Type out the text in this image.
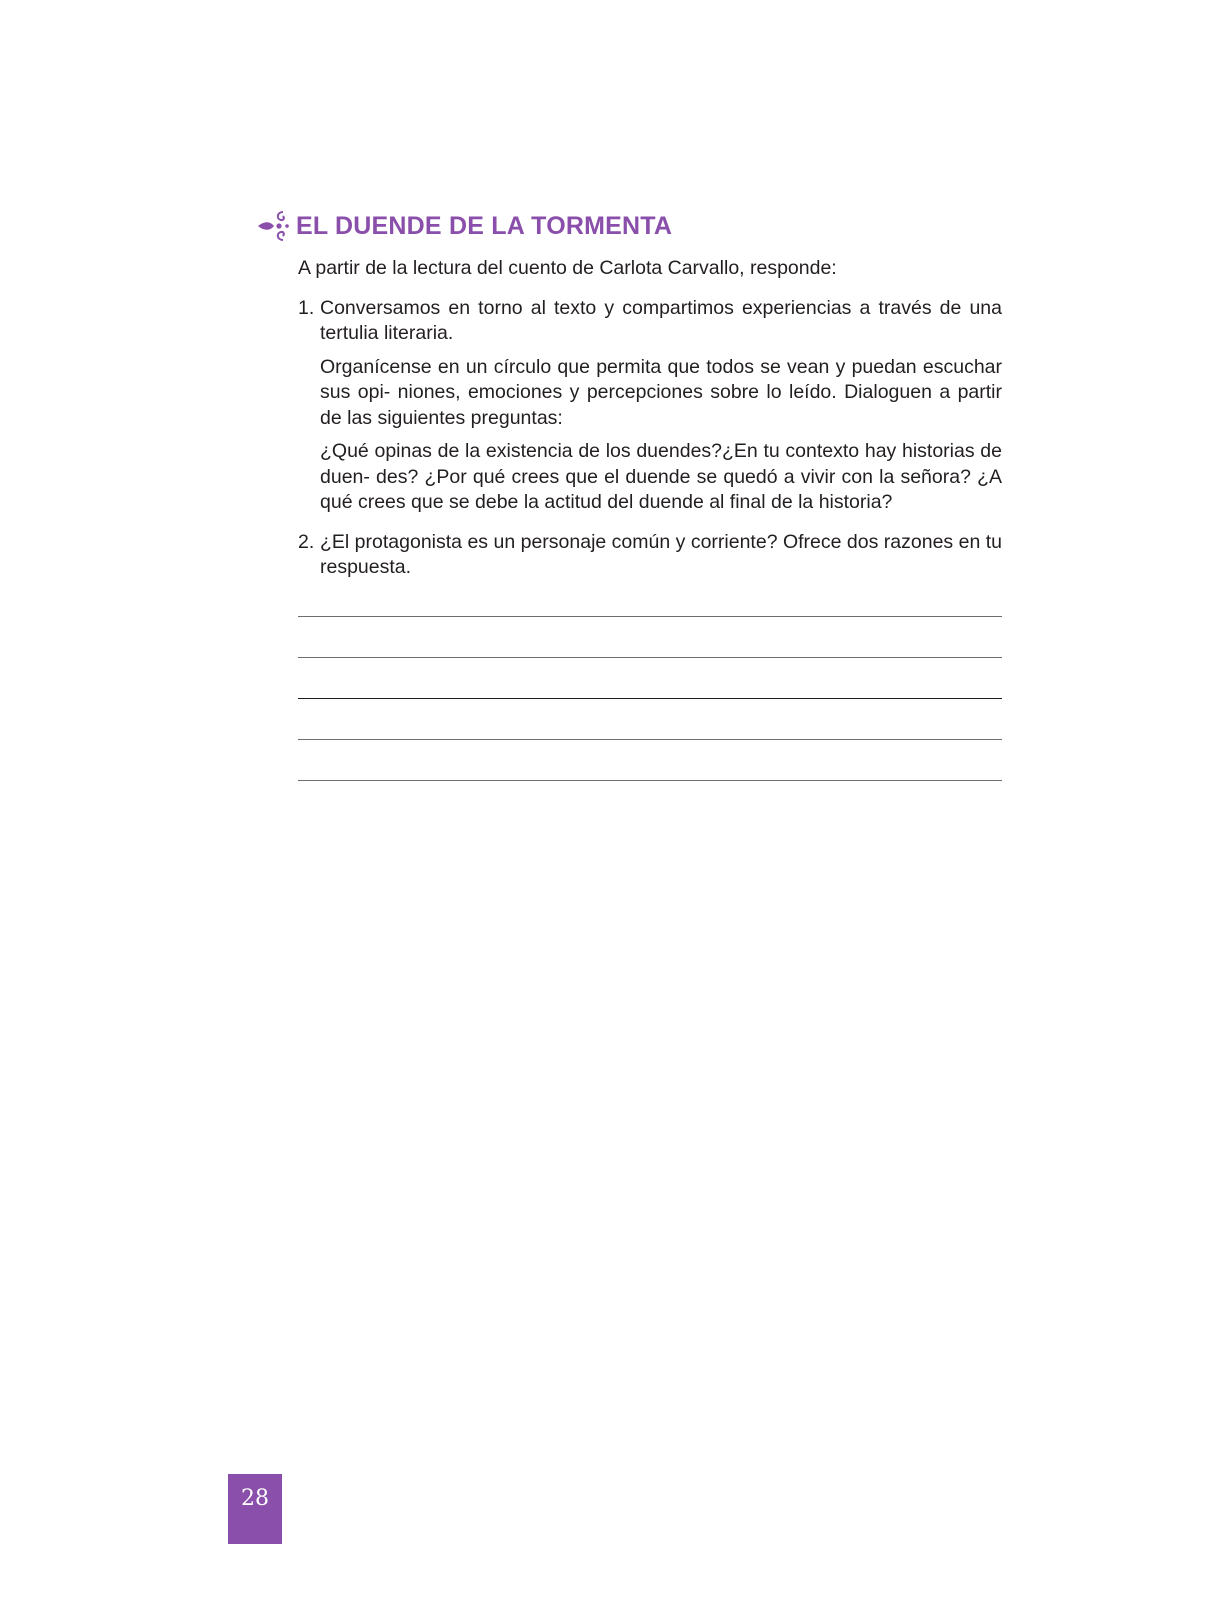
EL DUENDE DE LA TORMENTA

A partir de la lectura del cuento de Carlota Carvallo, responde:

1. Conversamos en torno al texto y compartimos experiencias a través de una tertulia literaria.

Organícense en un círculo que permita que todos se vean y puedan escuchar sus opi- niones, emociones y percepciones sobre lo leído. Dialoguen a partir de las siguientes preguntas:

¿Qué opinas de la existencia de los duendes?¿En tu contexto hay historias de duen- des? ¿Por qué crees que el duende se quedó a vivir con la señora? ¿A qué crees que se debe la actitud del duende al final de la historia?

2. ¿El protagonista es un personaje común y corriente? Ofrece dos razones en tu respuesta.

28
